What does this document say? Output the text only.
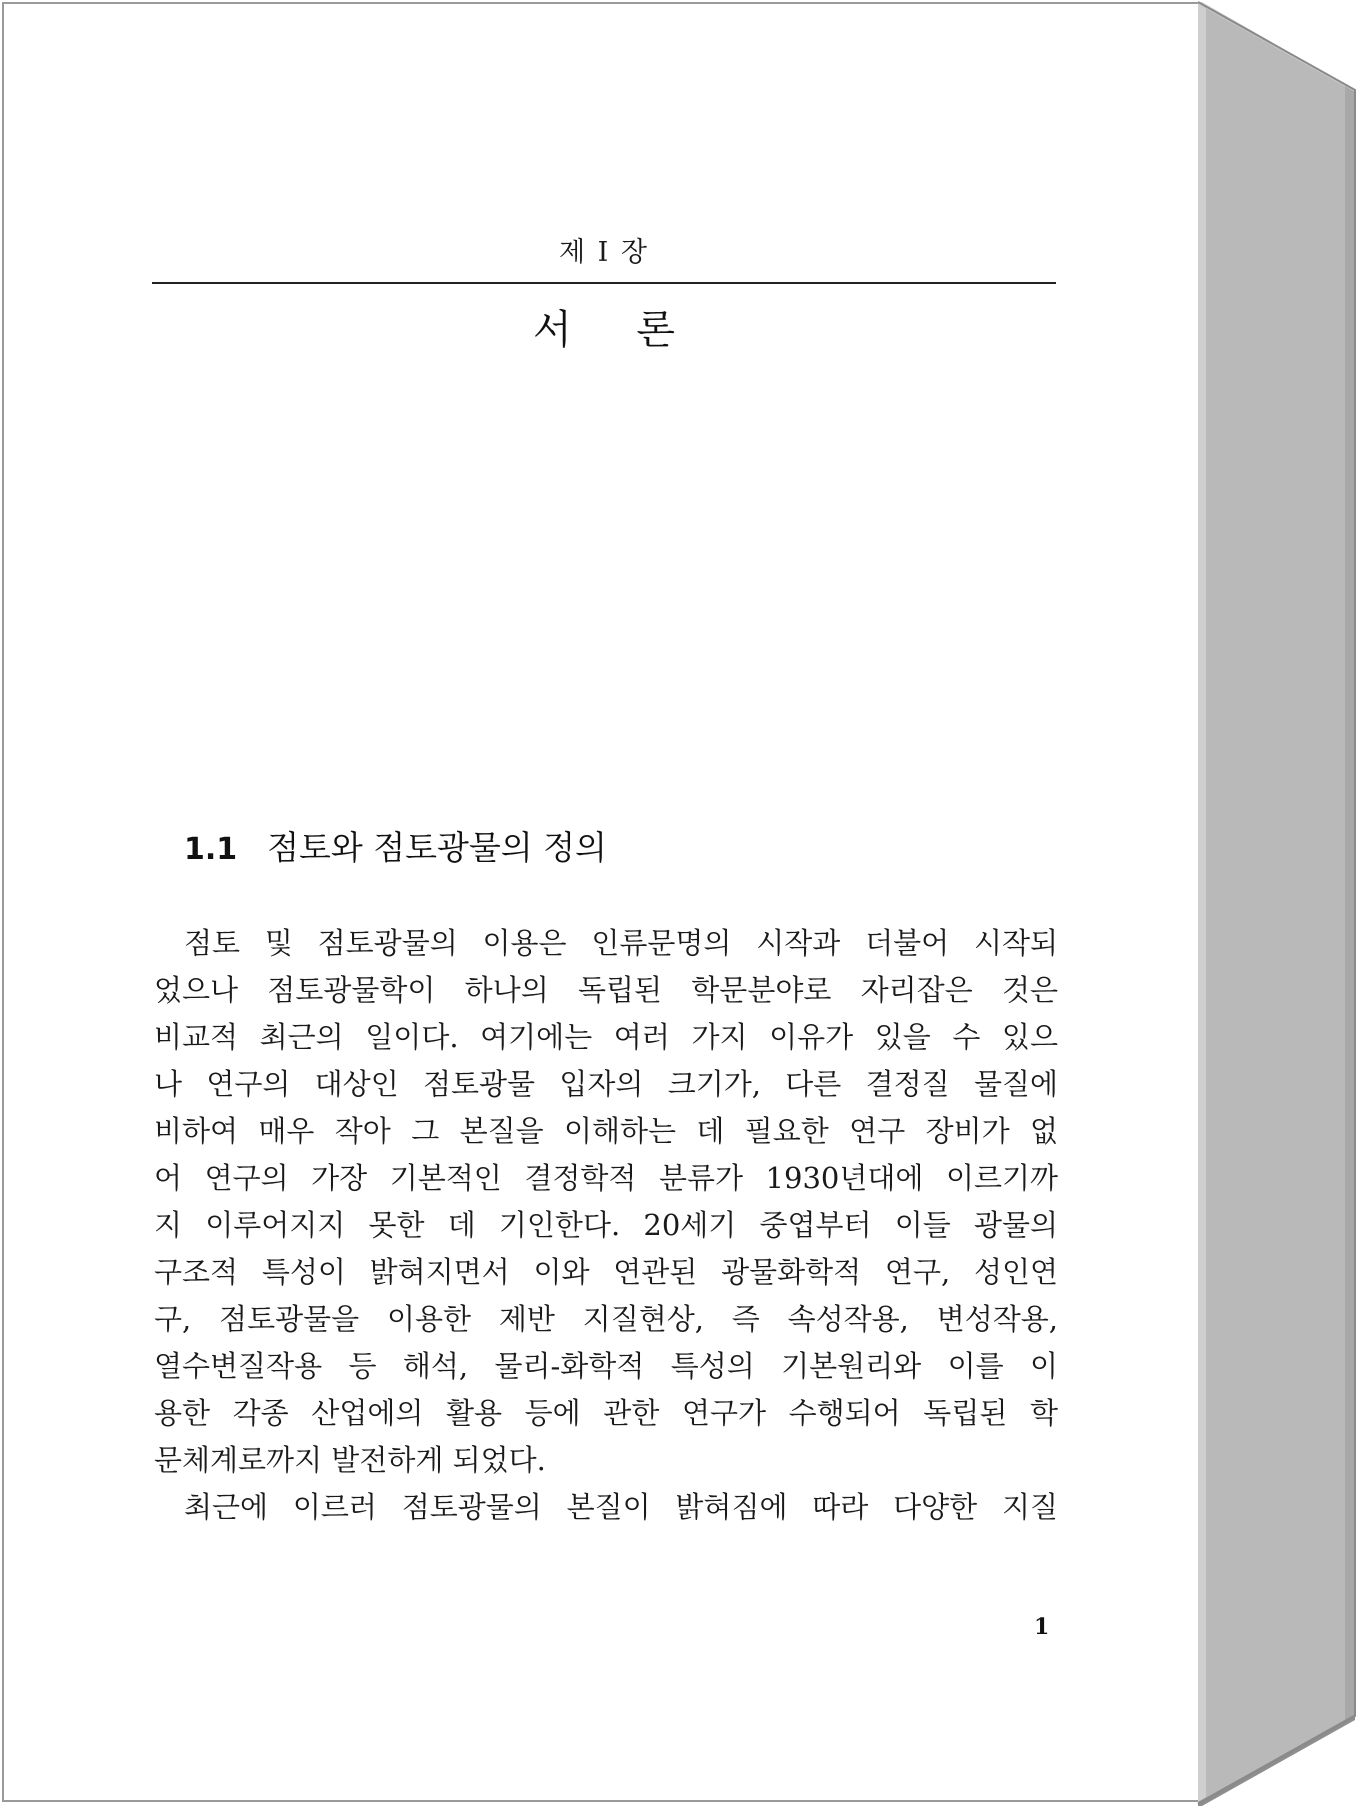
제 I 장
서 론
1.1 점토와 점토광물의 정의
점토 및 점토광물의 이용은 인류문명의 시작과 더불어 시작되
었으나 점토광물학이 하나의 독립된 학문분야로 자리잡은 것은
비교적 최근의 일이다. 여기에는 여러 가지 이유가 있을 수 있으
나 연구의 대상인 점토광물 입자의 크기가, 다른 결정질 물질에
비하여 매우 작아 그 본질을 이해하는 데 필요한 연구 장비가 없
어 연구의 가장 기본적인 결정학적 분류가 1930년대에 이르기까
지 이루어지지 못한 데 기인한다. 20세기 중엽부터 이들 광물의
구조적 특성이 밝혀지면서 이와 연관된 광물화학적 연구, 성인연
구, 점토광물을 이용한 제반 지질현상, 즉 속성작용, 변성작용,
열수변질작용 등 해석, 물리-화학적 특성의 기본원리와 이를 이
용한 각종 산업에의 활용 등에 관한 연구가 수행되어 독립된 학
문체계로까지 발전하게 되었다.
최근에 이르러 점토광물의 본질이 밝혀짐에 따라 다양한 지질
1
